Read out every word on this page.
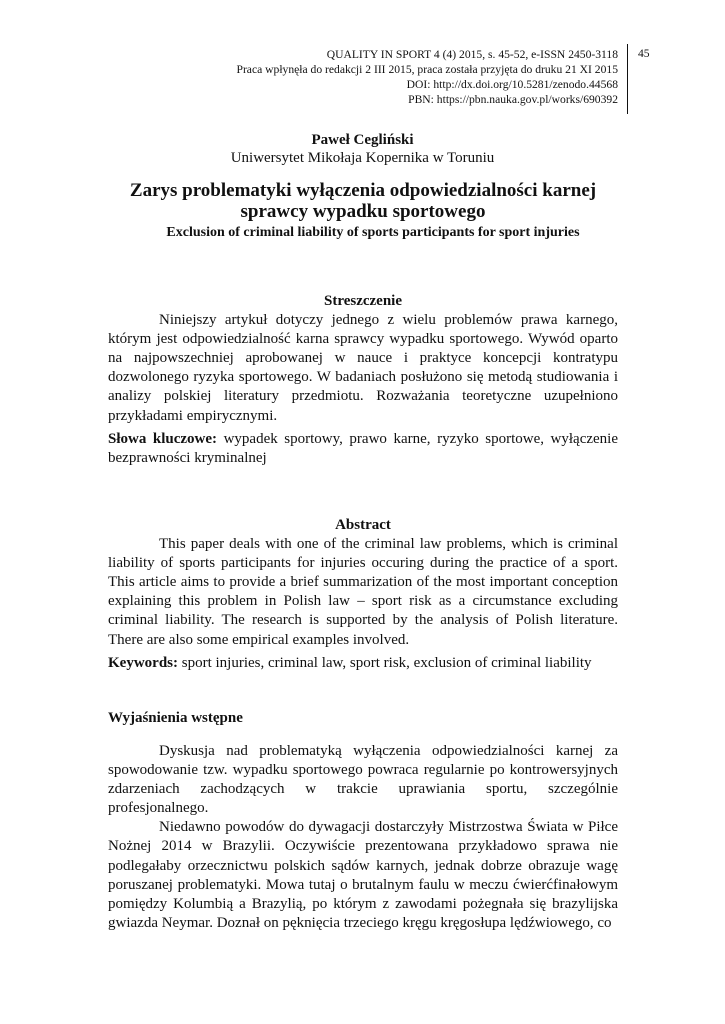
QUALITY IN SPORT 4 (4) 2015, s. 45-52, e-ISSN 2450-3118
Praca wpłynęła do redakcji 2 III 2015, praca została przyjęta do druku 21 XI 2015
DOI: http://dx.doi.org/10.5281/zenodo.44568
PBN: https://pbn.nauka.gov.pl/works/690392
45
Paweł Cegliński
Uniwersytet Mikołaja Kopernika w Toruniu

Zarys problematyki wyłączenia odpowiedzialności karnej sprawcy wypadku sportowego

Exclusion of criminal liability of sports participants for sport injuries

Streszczenie

Niniejszy artykuł dotyczy jednego z wielu problemów prawa karnego, którym jest odpowiedzialność karna sprawcy wypadku sportowego. Wywód oparto na najpowszechniej aprobowanej w nauce i praktyce koncepcji kontratypu dozwolonego ryzyka sportowego. W badaniach posłużono się metodą studiowania i analizy polskiej literatury przedmiotu. Rozważania teoretyczne uzupełniono przykładami empirycznymi.

Słowa kluczowe: wypadek sportowy, prawo karne, ryzyko sportowe, wyłączenie bezprawności kryminalnej
Abstract

This paper deals with one of the criminal law problems, which is criminal liability of sports participants for injuries occuring during the practice of a sport. This article aims to provide a brief summarization of the most important conception explaining this problem in Polish law – sport risk as a circumstance excluding criminal liability. The research is supported by the analysis of Polish literature. There are also some empirical examples involved.

Keywords: sport injuries, criminal law, sport risk, exclusion of criminal liability
Wyjaśnienia wstępne

Dyskusja nad problematyką wyłączenia odpowiedzialności karnej za spowodowanie tzw. wypadku sportowego powraca regularnie po kontrowersyjnych zdarzeniach zachodzących w trakcie uprawiania sportu, szczególnie profesjonalnego.

Niedawno powodów do dywagacji dostarczyły Mistrzostwa Świata w Piłce Nożnej 2014 w Brazylii. Oczywiście prezentowana przykładowo sprawa nie podlegałaby orzecznictwu polskich sądów karnych, jednak dobrze obrazuje wagę poruszanej problematyki. Mowa tutaj o brutalnym faulu w meczu ćwierćfinałowym pomiędzy Kolumbią a Brazylią, po którym z zawodami pożegnała się brazylijska gwiazda Neymar. Doznał on pęknięcia trzeciego kręgu kręgosłupa lędźwiowego, co
